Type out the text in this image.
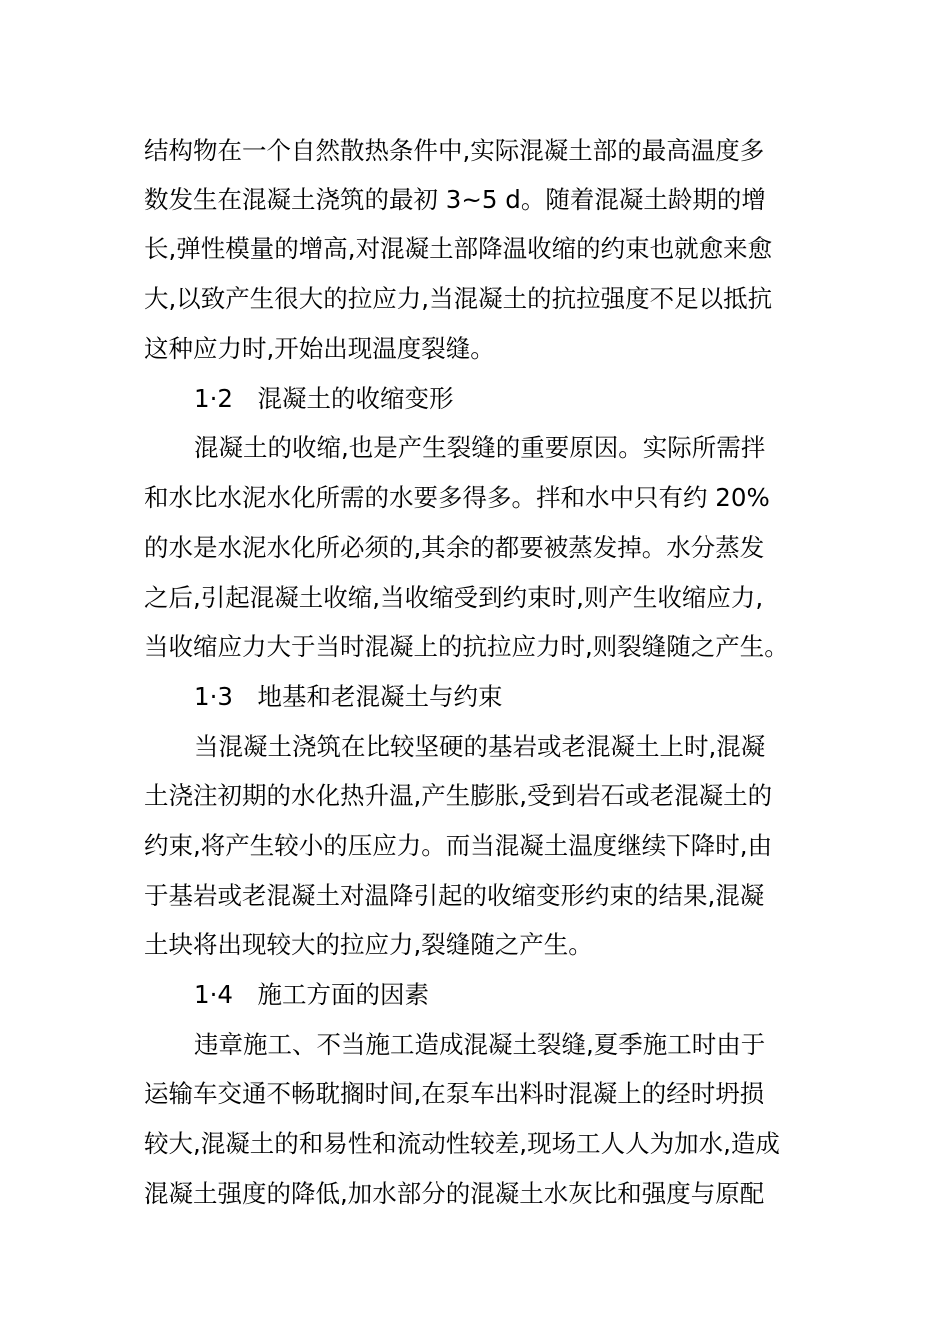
结构物在一个自然散热条件中,实际混凝土部的最高温度多
数发生在混凝土浇筑的最初 3~5 d。随着混凝土龄期的增
长,弹性模量的增高,对混凝土部降温收缩的约束也就愈来愈
大,以致产生很大的拉应力,当混凝土的抗拉强度不足以抵抗
这种应力时,开始出现温度裂缝。
1·2　混凝土的收缩变形
混凝土的收缩,也是产生裂缝的重要原因。实际所需拌
和水比水泥水化所需的水要多得多。拌和水中只有约 20%
的水是水泥水化所必须的,其余的都要被蒸发掉。水分蒸发
之后,引起混凝土收缩,当收缩受到约束时,则产生收缩应力,
当收缩应力大于当时混凝上的抗拉应力时,则裂缝随之产生。
1·3　地基和老混凝土与约束
当混凝土浇筑在比较坚硬的基岩或老混凝土上时,混凝
土浇注初期的水化热升温,产生膨胀,受到岩石或老混凝土的
约束,将产生较小的压应力。而当混凝土温度继续下降时,由
于基岩或老混凝土对温降引起的收缩变形约束的结果,混凝
土块将出现较大的拉应力,裂缝随之产生。
1·4　施工方面的因素
违章施工、不当施工造成混凝土裂缝,夏季施工时由于
运输车交通不畅耽搁时间,在泵车出料时混凝上的经时坍损
较大,混凝土的和易性和流动性较差,现场工人人为加水,造成
混凝土强度的降低,加水部分的混凝土水灰比和强度与原配
